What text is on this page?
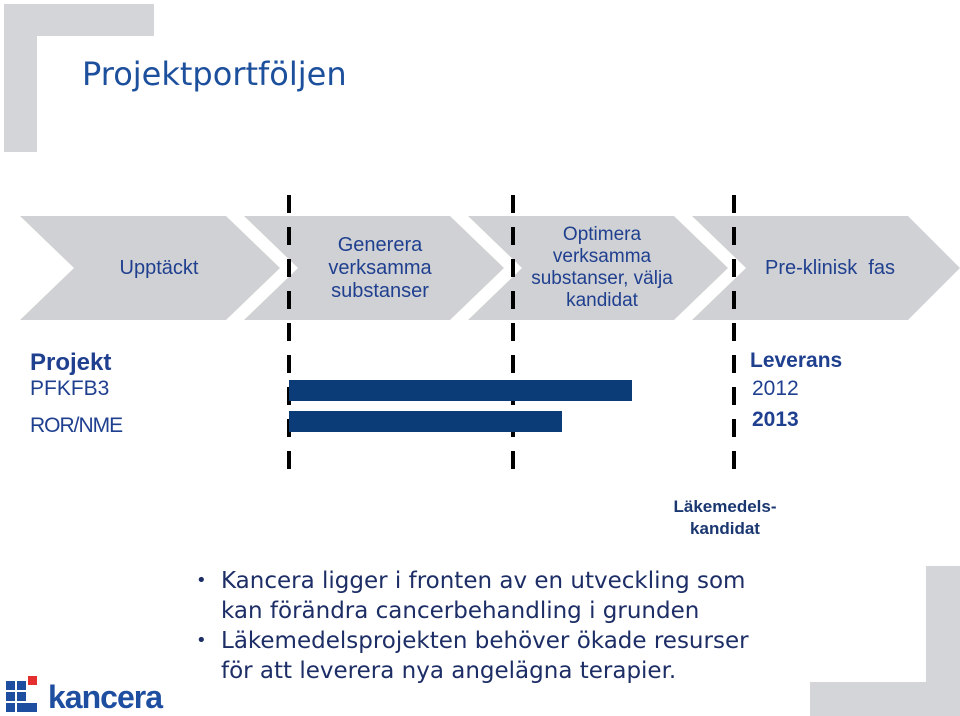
Projektportföljen
Upptäckt
Generera verksamma substanser
Optimera verksamma substanser, välja kandidat
Pre-klinisk  fas
Projekt
PFKFB3
ROR/NME
Leverans
2012
2013
Läkemedels-
kandidat
• Kancera ligger i fronten av en utveckling som
kan förändra cancerbehandling i grunden
• Läkemedelsprojekten behöver ökade resurser
för att leverera nya angelägna terapier.
kancera
